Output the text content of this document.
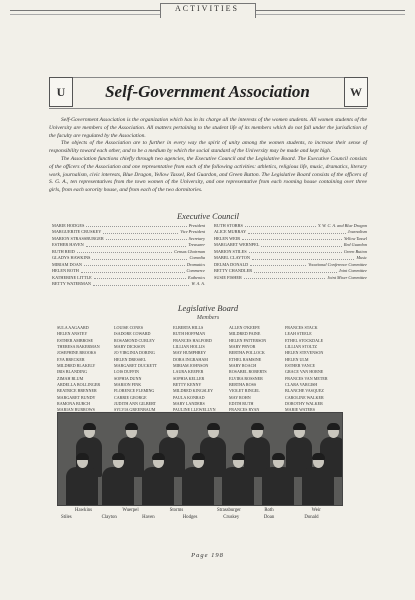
ACTIVITIES
U	W
Self-Government Association

Self-Government Association is the organization which has in its charge all the interests of the women students. All women students of the University are members of the Association. All matters pertaining to the student life of its members which do not fall under the jurisdiction of the faculty are regulated by the Association.

The objects of the Association are to further in every way the spirit of unity among the women students, to increase their sense of responsibility toward each other, and to be a medium by which the social standard of the University may be made and kept high.

The Association functions chiefly through two agencies, the Executive Council and the Legislative Board. The Executive Council consists of the officers of the Association and one representative from each of the following activities: athletics, religious life, music, dramatics, literary work, journalism, civic interests, Blue Dragon, Yellow Tassel, Red Guardon, and Green Button. The Legislative Board consists of the officers of S. G. A., ten representatives from the town women of the University, and one representative from each rooming house containing over three girls, from each sorority house, and from each of the two dormitories.

Executive Council
MARIE HODGES	President
MARGUERITE CRUSKEY	Vice President
MARION STRASSBURGER	Secretary
ESTHER HAVEN	Treasurer
RUTH REID	Census Chairman
GLADYS HAWKINS	Comedia
MIRIAM DOAN	Dramatics
HELEN ROTH	Commerce
KATHERINE LITTLE	Euthenics
BETTY WATERMAN	W. A. A.
RUTH STORRS	Y. W. C. A. and Blue Dragon
ALICE MURRAY	Journalism
HELEN WEIR	Yellow Tassel
MARGARET WERNPEL	Red Guardon
MARION STILES	Green Button
MABEL CLAYTON	Music
DELMA DONALD	Vocational Conference Committee
BETTY CHANDLER	Joint Committee
SUSIE FISHER	Joint Mixer Committee
Legislative Board
Members
SULA AAGAARD
HELEN ANSTEY
ESTHER AMBROSE
THERESA BAKERMAN
JOSEPHINE BROOKS
EVA BRECKER
MILDRED BLAKELY
IRIS BLANDING
ZIMAH BLUM
ARDELLA BOLLINGER
BEATRICE BRENNER
MARGARET BUNDY
RAMONA BURCH
MARIAN BURROWS
LOUISE CONES
ISADORE COWARD
ROSAMOND CURLEY
MARY DICKSON
JO VIRGINIA DORING
HELEN DRESSEL
MARGARET DUCKETT
LOIS DUFFIN
SOPHIA DUNN
MARION FINK
FLORENCE FLEMING
CARRIE GEORGE
JUDITH ANN GILBERT
SYLVIA GREENBAUM
ELBERTA HILLS
RUTH HOFFMAN
FRANCES HALFORD
LILLIAN HOLLIS
MAY HUMPHREY
DORA INGRAHAM
MIRIAM JOHNSON
LAURA KEEFER
SOPHIA KELLER
BETTY KENNY
MILDRED KINGSLEY
PAULA KONRAD
MARY LANDERS
PAULINE LLEWELLYN
ALLEN O'KEEFE
MILDRED PAINE
HELEN PATTERSON
MARY PRYOR
BERTHA POLLOCK
ETHEL RAMSINE
MARY ROACH
ROSABEL ROBERTS
ELVIRA ROSSNER
BERTHA ROSS
VIOLET RINGEL
MAY ROHN
EDITH RUTH
FRANCES RYAN
FRANCES STACK
LEAH STEELE
ETHEL STOCKDALE
LILLIAN STOLTZ
HELEN STEVENSON
HELEN ULM
ESTHER VANCE
GRACE VAN HORNE
FRANCES VAN METER
CLARA VARGISH
BLANCHE VASQUEZ
CAROLINE WALKER
DOROTHY WALKER
MARIE WATERS
Hawkins	Wuerpel	Storms	Strassburger	Roth	Weir
Stiles	Clayton	Haven	Hodges	Cruskey	Doan	Donald
Page 198
